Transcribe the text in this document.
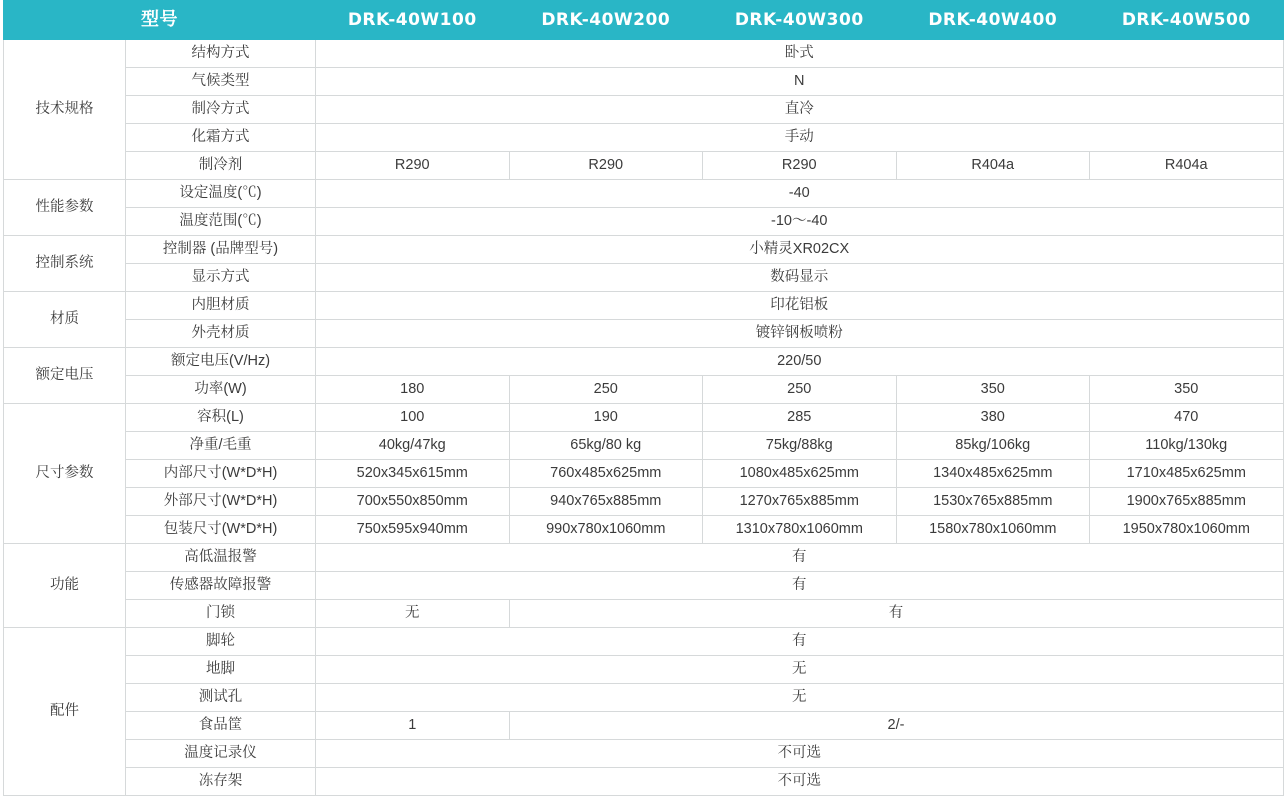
型号		DRK-40W100	DRK-40W200	DRK-40W300	DRK-40W400	DRK-40W500
技术规格	结构方式	卧式				
	气候类型	N				
	制冷方式	直冷				
	化霜方式	手动				
	制冷剂	R290	R290	R290	R404a	R404a
性能参数	设定温度(℃)	-40				
	温度范围(℃)	-10〜-40				
控制系统	控制器 (品牌型号)	小精灵XR02CX				
	显示方式	数码显示				
材质	内胆材质	印花铝板				
	外壳材质	镀锌钢板喷粉				
额定电压	额定电压(V/Hz)	220/50				
	功率(W)	180	250	250	350	350
尺寸参数	容积(L)	100	190	285	380	470
	净重/毛重	40kg/47kg	65kg/80 kg	75kg/88kg	85kg/106kg	110kg/130kg
	内部尺寸(W*D*H)	520x345x615mm	760x485x625mm	1080x485x625mm	1340x485x625mm	1710x485x625mm
	外部尺寸(W*D*H)	700x550x850mm	940x765x885mm	1270x765x885mm	1530x765x885mm	1900x765x885mm
	包装尺寸(W*D*H)	750x595x940mm	990x780x1060mm	1310x780x1060mm	1580x780x1060mm	1950x780x1060mm
功能	高低温报警	有				
	传感器故障报警	有				
	门锁	无	有			
配件	脚轮	有				
	地脚	无				
	测试孔	无				
	食品筐	1	2/-			
	温度记录仪	不可选				
	冻存架	不可选				
